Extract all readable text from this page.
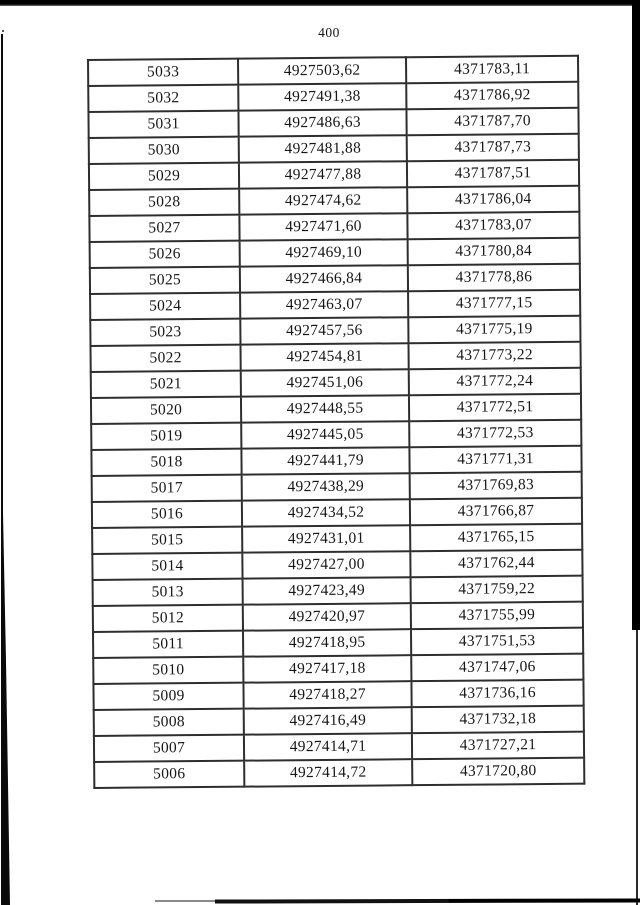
400
5033	4927503,62	4371783,11
5032	4927491,38	4371786,92
5031	4927486,63	4371787,70
5030	4927481,88	4371787,73
5029	4927477,88	4371787,51
5028	4927474,62	4371786,04
5027	4927471,60	4371783,07
5026	4927469,10	4371780,84
5025	4927466,84	4371778,86
5024	4927463,07	4371777,15
5023	4927457,56	4371775,19
5022	4927454,81	4371773,22
5021	4927451,06	4371772,24
5020	4927448,55	4371772,51
5019	4927445,05	4371772,53
5018	4927441,79	4371771,31
5017	4927438,29	4371769,83
5016	4927434,52	4371766,87
5015	4927431,01	4371765,15
5014	4927427,00	4371762,44
5013	4927423,49	4371759,22
5012	4927420,97	4371755,99
5011	4927418,95	4371751,53
5010	4927417,18	4371747,06
5009	4927418,27	4371736,16
5008	4927416,49	4371732,18
5007	4927414,71	4371727,21
5006	4927414,72	4371720,80
